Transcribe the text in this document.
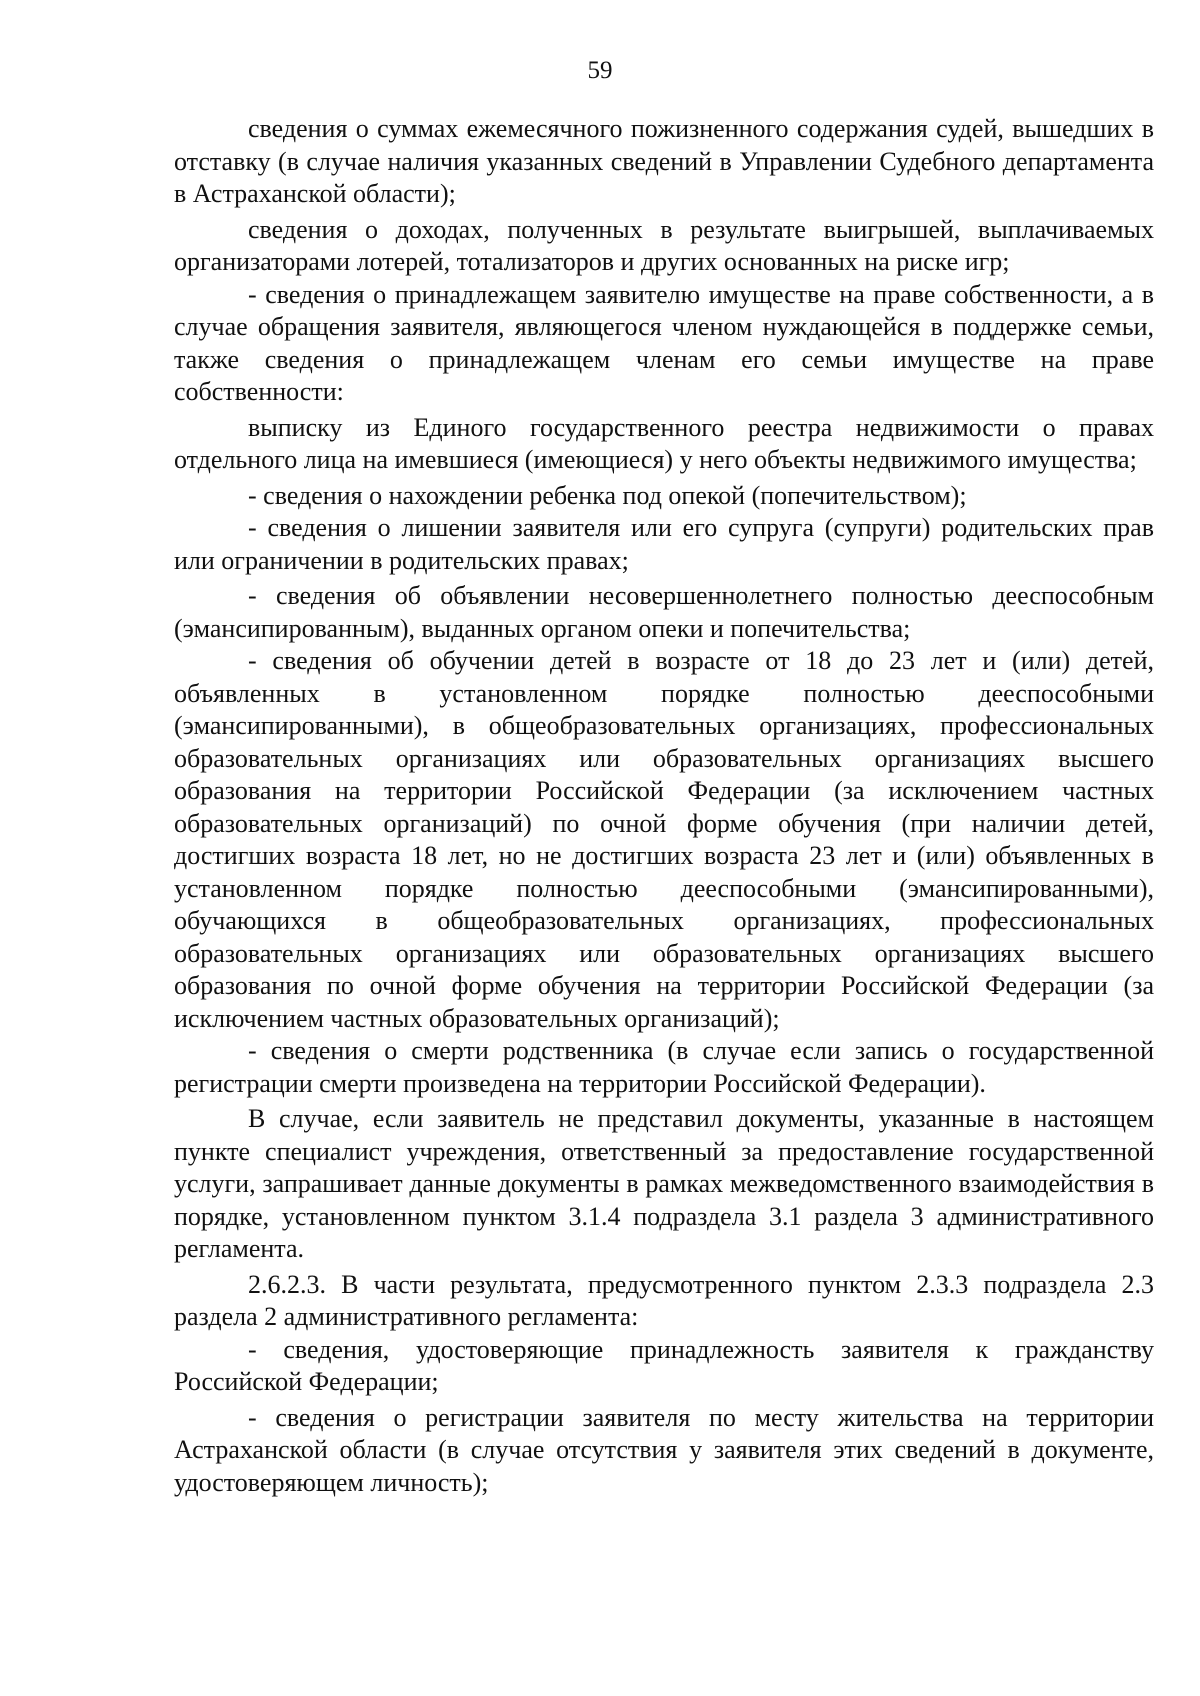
59

сведения о суммах ежемесячного пожизненного содержания судей, вышедших в отставку (в случае наличия указанных сведений в Управлении Судебного департамента в Астраханской области);

сведения о доходах, полученных в результате выигрышей, выплачиваемых организаторами лотерей, тотализаторов и других основанных на риске игр;

- сведения о принадлежащем заявителю имуществе на праве собственности, а в случае обращения заявителя, являющегося членом нуждающейся в поддержке семьи, также сведения о принадлежащем членам его семьи имуществе на праве собственности:

выписку из Единого государственного реестра недвижимости о правах отдельного лица на имевшиеся (имеющиеся) у него объекты недвижимого имущества;

- сведения о нахождении ребенка под опекой (попечительством);

- сведения о лишении заявителя или его супруга (супруги) родительских прав или ограничении в родительских правах;

- сведения об объявлении несовершеннолетнего полностью дееспособным (эмансипированным), выданных органом опеки и попечительства;

- сведения об обучении детей в возрасте от 18 до 23 лет и (или) детей, объявленных в установленном порядке полностью дееспособными (эмансипированными), в общеобразовательных организациях, профессиональных образовательных организациях или образовательных организациях высшего образования на территории Российской Федерации (за исключением частных образовательных организаций) по очной форме обучения (при наличии детей, достигших возраста 18 лет, но не достигших возраста 23 лет и (или) объявленных в установленном порядке полностью дееспособными (эмансипированными), обучающихся в общеобразовательных организациях, профессиональных образовательных организациях или образовательных организациях высшего образования по очной форме обучения на территории Российской Федерации (за исключением частных образовательных организаций);

- сведения о смерти родственника (в случае если запись о государственной регистрации смерти произведена на территории Российской Федерации).

В случае, если заявитель не представил документы, указанные в настоящем пункте специалист учреждения, ответственный за предоставление государственной услуги, запрашивает данные документы в рамках межведомственного взаимодействия в порядке, установленном пунктом 3.1.4 подраздела 3.1 раздела 3 административного регламента.

2.6.2.3. В части результата, предусмотренного пунктом 2.3.3 подраздела 2.3 раздела 2 административного регламента:

- сведения, удостоверяющие принадлежность заявителя к гражданству Российской Федерации;

- сведения о регистрации заявителя по месту жительства на территории Астраханской области (в случае отсутствия у заявителя этих сведений в документе, удостоверяющем личность);
